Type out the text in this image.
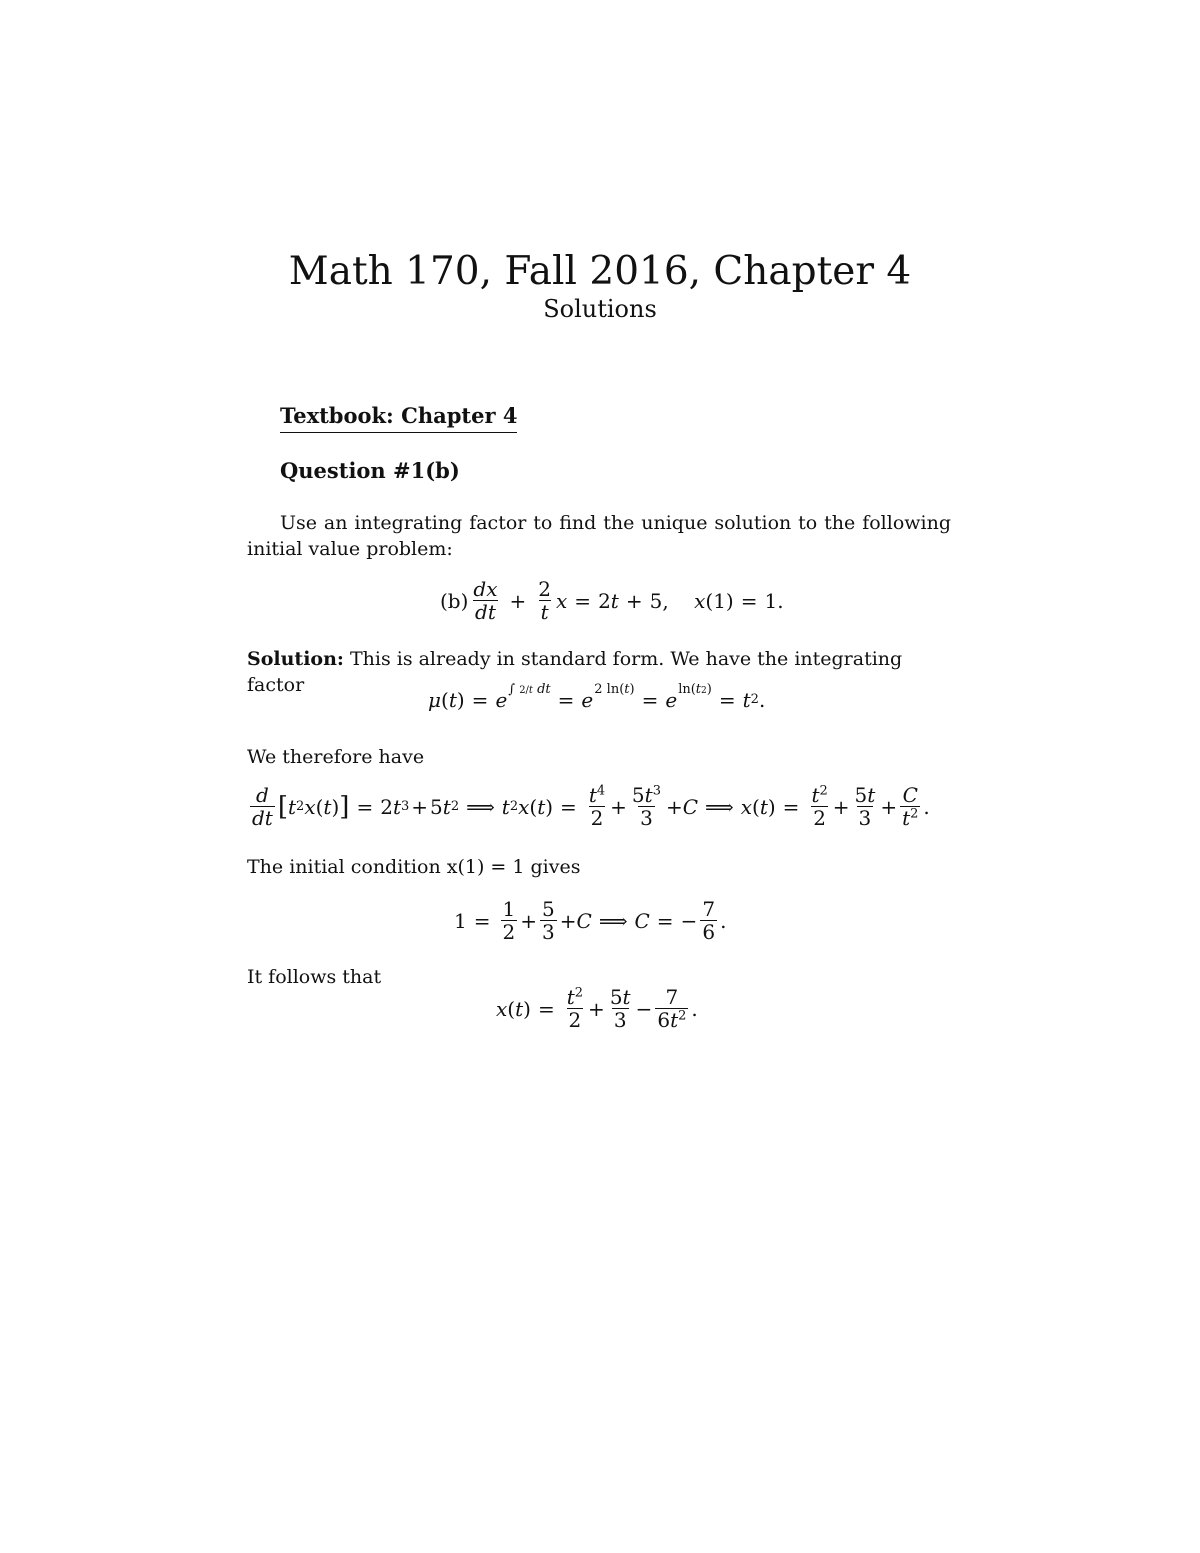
Math 170, Fall 2016, Chapter 4
Solutions
Textbook: Chapter 4
Question #1(b)
Use an integrating factor to find the unique solution to the following initial value problem:
$(b) \frac{dx}{dt} + \frac{2}{t}$ x = 2 t + 5, x (1) = 1.
Solution: This is already in standard form. We have the integrating factor
μ ( t ) = e ∫ 2/t dt = e 2 ln(t) = e ln(t2) = t 2 .
We therefore have
$\frac{d}{dt}$ [ t 2 x ( t ) ] = 2 t 3 + 5 t 2 ⟹ t 2 x ( t ) = $\frac{t^4}{2} + \frac{5t^3}{3} + C$ ⟹ x ( t ) = $\frac{t^2}{2} + \frac{5t}{3} + \frac{C}{t^2}$ .
The initial condition x(1) = 1 gives
$1 = \frac{1}{2} + \frac{5}{3} + C$ ⟹ C = − $\frac{7}{6}$ .
It follows that
x ( t ) = $\frac{t^2}{2} + \frac{5t}{3} - \frac{7}{6t^2}$ .
